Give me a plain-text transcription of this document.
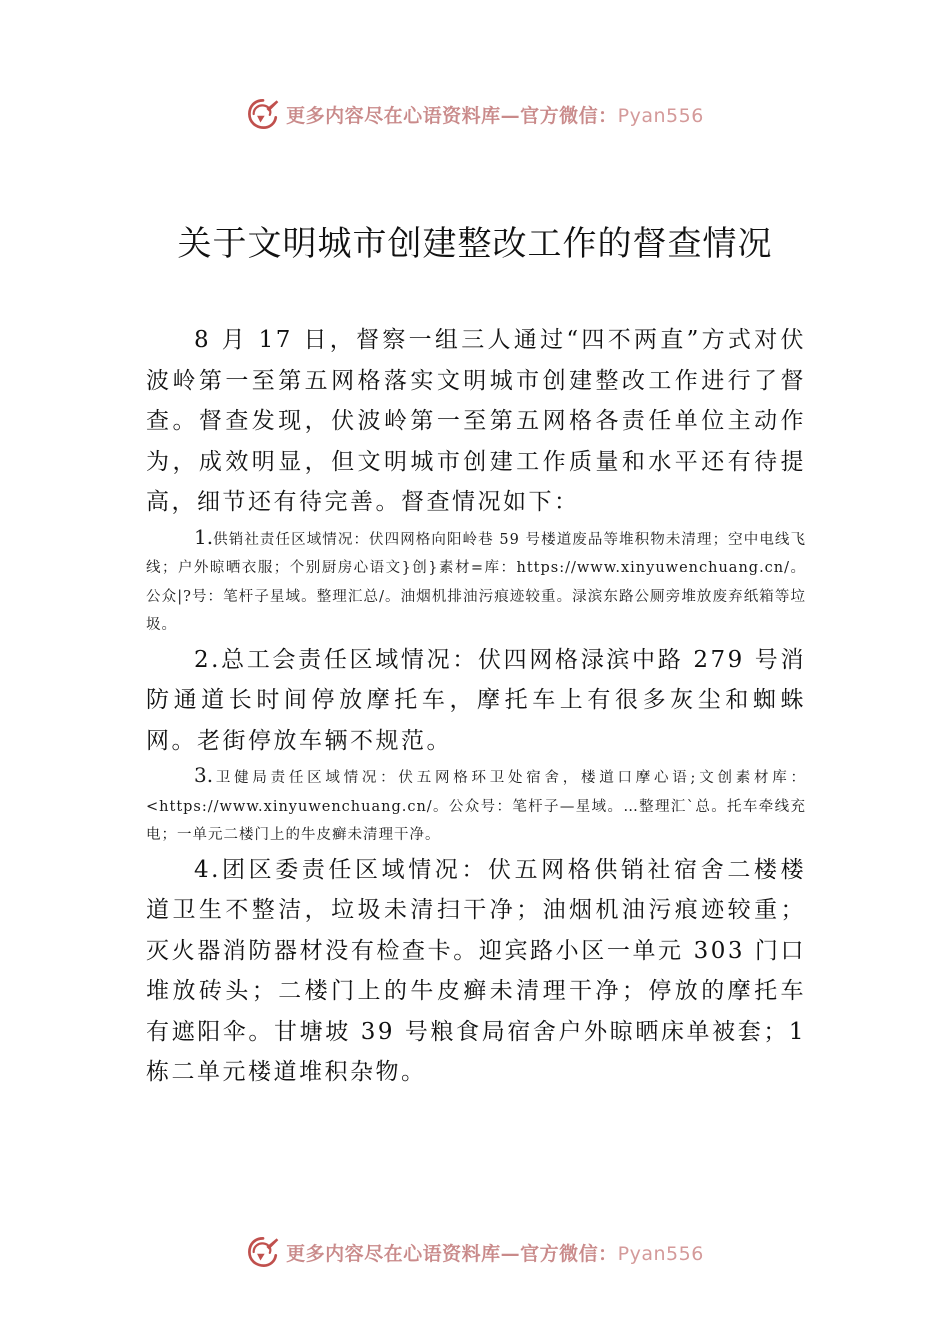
更多内容尽在心语资料库—官方微信：Pyan556
关于文明城市创建整改工作的督查情况

8 月 17 日，督察一组三人通过“四不两直”方式对伏波岭第一至第五网格落实文明城市创建整改工作进行了督查。督查发现，伏波岭第一至第五网格各责任单位主动作为，成效明显，但文明城市创建工作质量和水平还有待提高，细节还有待完善。督查情况如下：

1.供销社责任区域情况：伏四网格向阳岭巷 59 号楼道废品等堆积物未清理；空中电线飞线；户外晾晒衣服；个别厨房心语文}创}素材=库：https://www.xinyuwenchuang.cn/。公众|?号：笔杆子星域。整理汇总/。油烟机排油污痕迹较重。渌滨东路公厕旁堆放废弃纸箱等垃圾。

2.总工会责任区域情况：伏四网格渌滨中路 279 号消防通道长时间停放摩托车，摩托车上有很多灰尘和蜘蛛网。老街停放车辆不规范。

3.卫健局责任区域情况：伏五网格环卫处宿舍，楼道口摩心语;文创素材库：<https://www.xinyuwenchuang.cn/。公众号：笔杆子—星域。…整理汇`总。托车牵线充电；一单元二楼门上的牛皮癣未清理干净。

4.团区委责任区域情况：伏五网格供销社宿舍二楼楼道卫生不整洁，垃圾未清扫干净；油烟机油污痕迹较重；灭火器消防器材没有检查卡。迎宾路小区一单元 303 门口堆放砖头；二楼门上的牛皮癣未清理干净；停放的摩托车有遮阳伞。甘塘坡 39 号粮食局宿舍户外晾晒床单被套；1 栋二单元楼道堆积杂物。

更多内容尽在心语资料库—官方微信：Pyan556
